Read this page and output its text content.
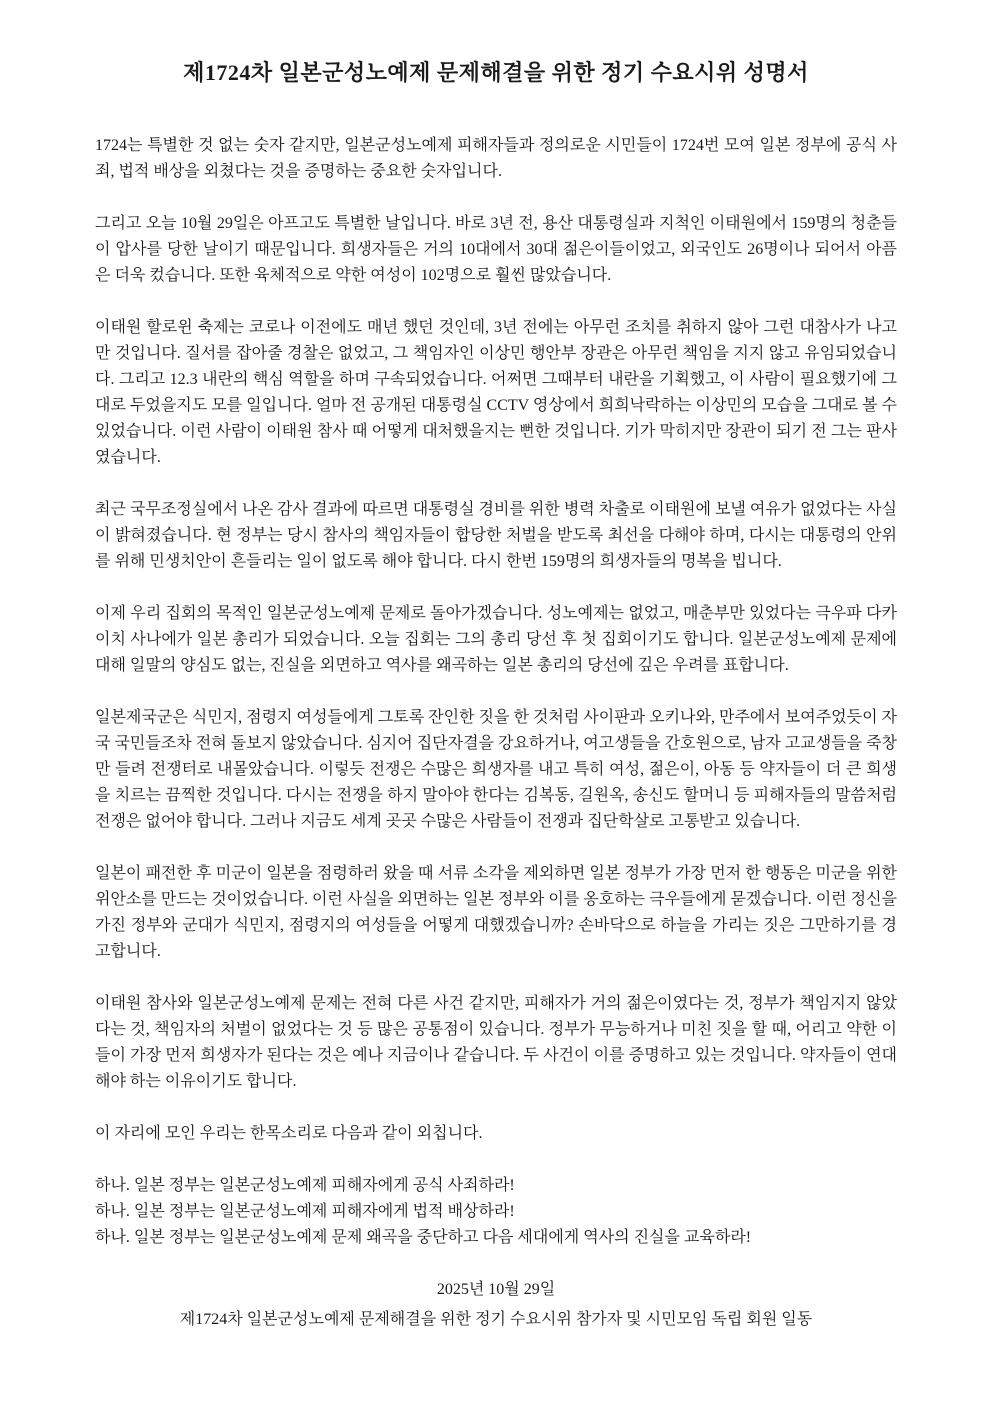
제1724차 일본군성노예제 문제해결을 위한 정기 수요시위 성명서

1724는 특별한 것 없는 숫자 같지만, 일본군성노예제 피해자들과 정의로운 시민들이 1724번 모여 일본 정부에 공식 사죄, 법적 배상을 외쳤다는 것을 증명하는 중요한 숫자입니다.

그리고 오늘 10월 29일은 아프고도 특별한 날입니다. 바로 3년 전, 용산 대통령실과 지척인 이태원에서 159명의 청춘들이 압사를 당한 날이기 때문입니다. 희생자들은 거의 10대에서 30대 젊은이들이었고, 외국인도 26명이나 되어서 아픔은 더욱 컸습니다. 또한 육체적으로 약한 여성이 102명으로 훨씬 많았습니다.

이태원 할로윈 축제는 코로나 이전에도 매년 했던 것인데, 3년 전에는 아무런 조치를 취하지 않아 그런 대참사가 나고 만 것입니다. 질서를 잡아줄 경찰은 없었고, 그 책임자인 이상민 행안부 장관은 아무런 책임을 지지 않고 유임되었습니다. 그리고 12.3 내란의 핵심 역할을 하며 구속되었습니다. 어쩌면 그때부터 내란을 기획했고, 이 사람이 필요했기에 그대로 두었을지도 모를 일입니다. 얼마 전 공개된 대통령실 CCTV 영상에서 희희낙락하는 이상민의 모습을 그대로 볼 수 있었습니다. 이런 사람이 이태원 참사 때 어떻게 대처했을지는 뻔한 것입니다. 기가 막히지만 장관이 되기 전 그는 판사였습니다.

최근 국무조정실에서 나온 감사 결과에 따르면 대통령실 경비를 위한 병력 차출로 이태원에 보낼 여유가 없었다는 사실이 밝혀졌습니다. 현 정부는 당시 참사의 책임자들이 합당한 처벌을 받도록 최선을 다해야 하며, 다시는 대통령의 안위를 위해 민생치안이 흔들리는 일이 없도록 해야 합니다. 다시 한번 159명의 희생자들의 명복을 빕니다.

이제 우리 집회의 목적인 일본군성노예제 문제로 돌아가겠습니다. 성노예제는 없었고, 매춘부만 있었다는 극우파 다카이치 사나에가 일본 총리가 되었습니다. 오늘 집회는 그의 총리 당선 후 첫 집회이기도 합니다. 일본군성노예제 문제에 대해 일말의 양심도 없는, 진실을 외면하고 역사를 왜곡하는 일본 총리의 당선에 깊은 우려를 표합니다.

일본제국군은 식민지, 점령지 여성들에게 그토록 잔인한 짓을 한 것처럼 사이판과 오키나와, 만주에서 보여주었듯이 자국 국민들조차 전혀 돌보지 않았습니다. 심지어 집단자결을 강요하거나, 여고생들을 간호원으로, 남자 고교생들을 죽창만 들려 전쟁터로 내몰았습니다. 이렇듯 전쟁은 수많은 희생자를 내고 특히 여성, 젊은이, 아동 등 약자들이 더 큰 희생을 치르는 끔찍한 것입니다. 다시는 전쟁을 하지 말아야 한다는 김복동, 길원옥, 송신도 할머니 등 피해자들의 말씀처럼 전쟁은 없어야 합니다. 그러나 지금도 세계 곳곳 수많은 사람들이 전쟁과 집단학살로 고통받고 있습니다.

일본이 패전한 후 미군이 일본을 점령하러 왔을 때 서류 소각을 제외하면 일본 정부가 가장 먼저 한 행동은 미군을 위한 위안소를 만드는 것이었습니다. 이런 사실을 외면하는 일본 정부와 이를 옹호하는 극우들에게 묻겠습니다. 이런 정신을 가진 정부와 군대가 식민지, 점령지의 여성들을 어떻게 대했겠습니까? 손바닥으로 하늘을 가리는 짓은 그만하기를 경고합니다.

이태원 참사와 일본군성노예제 문제는 전혀 다른 사건 같지만, 피해자가 거의 젊은이였다는 것, 정부가 책임지지 않았다는 것, 책임자의 처벌이 없었다는 것 등 많은 공통점이 있습니다. 정부가 무능하거나 미친 짓을 할 때, 어리고 약한 이들이 가장 먼저 희생자가 된다는 것은 예나 지금이나 같습니다. 두 사건이 이를 증명하고 있는 것입니다. 약자들이 연대해야 하는 이유이기도 합니다.

이 자리에 모인 우리는 한목소리로 다음과 같이 외칩니다.

하나. 일본 정부는 일본군성노예제 피해자에게 공식 사죄하라!

하나. 일본 정부는 일본군성노예제 피해자에게 법적 배상하라!

하나. 일본 정부는 일본군성노예제 문제 왜곡을 중단하고 다음 세대에게 역사의 진실을 교육하라!

2025년 10월 29일

제1724차 일본군성노예제 문제해결을 위한 정기 수요시위 참가자 및 시민모임 독립 회원 일동
